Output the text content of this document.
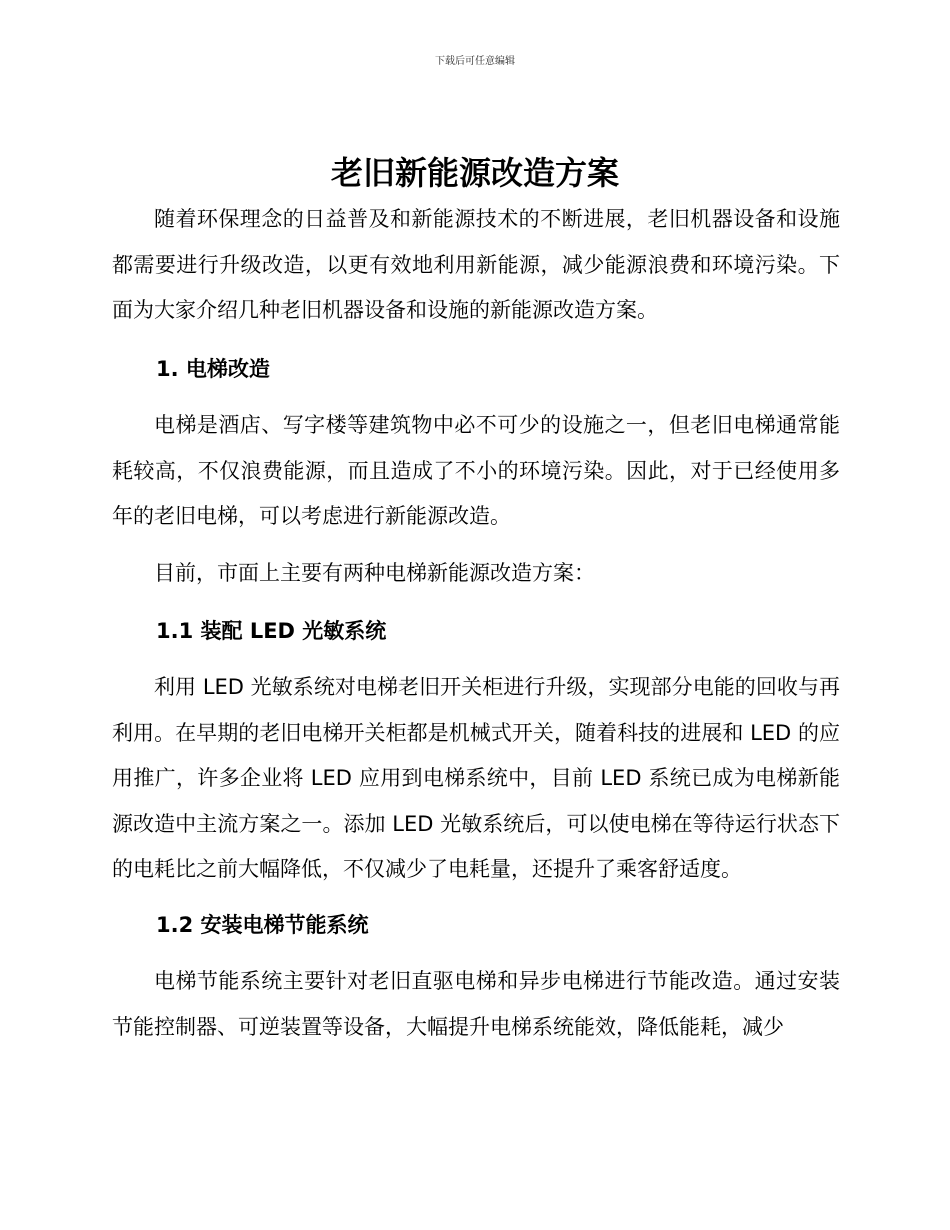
下载后可任意编辑
老旧新能源改造方案

随着环保理念的日益普及和新能源技术的不断进展，老旧机器设备和设施都需要进行升级改造，以更有效地利用新能源，减少能源浪费和环境污染。下面为大家介绍几种老旧机器设备和设施的新能源改造方案。

1. 电梯改造

电梯是酒店、写字楼等建筑物中必不可少的设施之一，但老旧电梯通常能耗较高，不仅浪费能源，而且造成了不小的环境污染。因此，对于已经使用多年的老旧电梯，可以考虑进行新能源改造。

目前，市面上主要有两种电梯新能源改造方案：

1.1 装配 LED 光敏系统

利用 LED 光敏系统对电梯老旧开关柜进行升级，实现部分电能的回收与再利用。在早期的老旧电梯开关柜都是机械式开关，随着科技的进展和 LED 的应用推广，许多企业将 LED 应用到电梯系统中，目前 LED 系统已成为电梯新能源改造中主流方案之一。添加 LED 光敏系统后，可以使电梯在等待运行状态下的电耗比之前大幅降低，不仅减少了电耗量，还提升了乘客舒适度。

1.2 安装电梯节能系统

电梯节能系统主要针对老旧直驱电梯和异步电梯进行节能改造。通过安装节能控制器、可逆装置等设备，大幅提升电梯系统能效，降低能耗，减少
